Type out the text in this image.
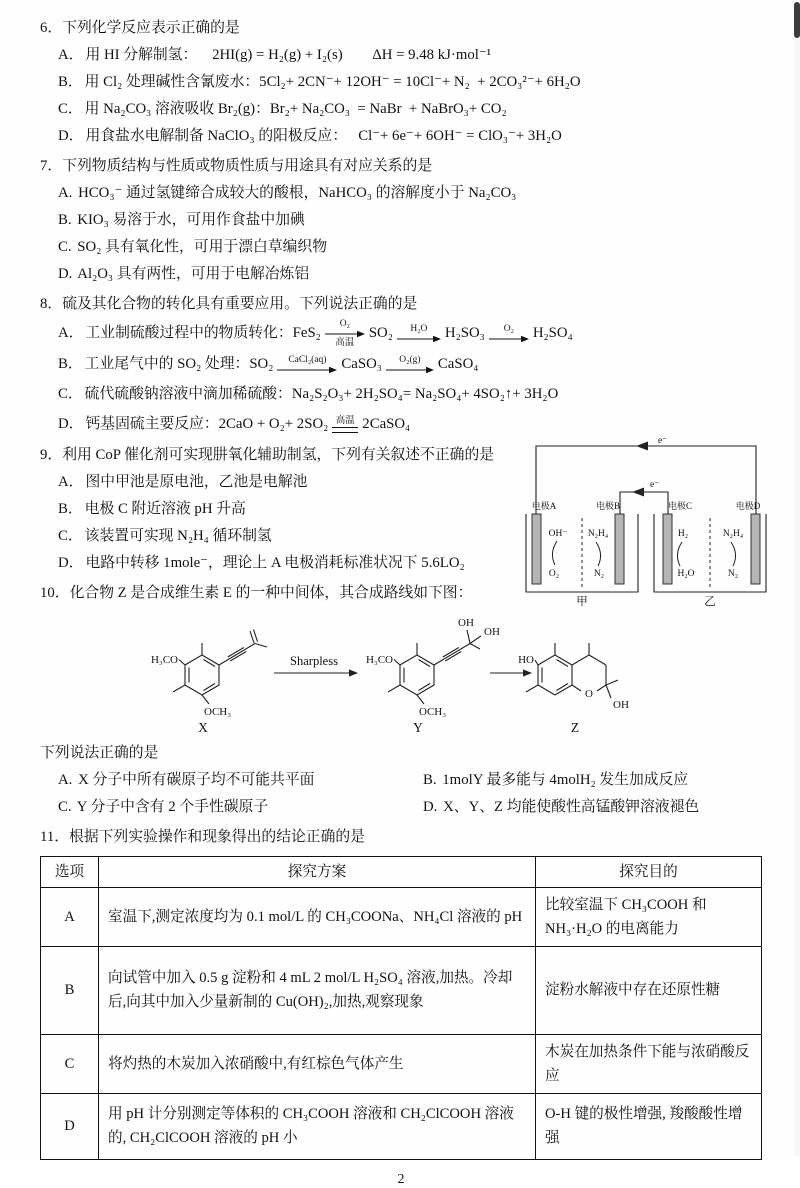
6．下列化学反应表示正确的是
A． 用 HI 分解制氢：    2HI(g) = H₂(g) + I₂(s)        ΔH = 9.48 kJ·mol⁻¹
B． 用 Cl₂ 处理碱性含氰废水：5Cl₂+ 2CN⁻+ 12OH⁻ = 10Cl⁻+ N₂  + 2CO₃²⁻+ 6H₂O
C． 用 Na₂CO₃ 溶液吸收 Br₂(g)：Br₂+ Na₂CO₃  = NaBr  + NaBrO₃+ CO₂
D． 用食盐水电解制备 NaClO₃ 的阳极反应：   Cl⁻+ 6e⁻+ 6OH⁻ = ClO₃⁻+ 3H₂O
7．下列物质结构与性质或物质性质与用途具有对应关系的是
A. HCO₃⁻ 通过氢键缔合成较大的酸根，NaHCO₃ 的溶解度小于 Na₂CO₃
B. KIO₃ 易溶于水，可用作食盐中加碘
C. SO₂ 具有氧化性，可用于漂白草编织物
D. Al₂O₃ 具有两性，可用于电解冶炼铝
8．硫及其化合物的转化具有重要应用。下列说法正确的是
A． 工业制硫酸过程中的物质转化：FeS₂
O₂
高温
SO₂ H₂O H₂SO₃ O₂ H₂SO₄
B． 工业尾气中的 SO₂ 处理：SO₂ CaCl₂(aq) CaSO₃ O₂(g) CaSO₄
C． 硫代硫酸钠溶液中滴加稀硫酸：Na₂S₂O₃+ 2H₂SO₄= Na₂SO₄+ 4SO₂↑+ 3H₂O
D． 钙基固硫主要反应：2CaO + O₂+ 2SO₂ 高温 2CaSO₄
9．利用 CoP 催化剂可实现肼氧化辅助制氢，下列有关叙述不正确的是
A． 图中甲池是原电池，乙池是电解池
B． 电极 C 附近溶液 pH 升高
C． 该装置可实现 N₂H₄ 循环制氢
D． 电路中转移 1mole⁻，理论上 A 电极消耗标准状况下 5.6LO₂
e⁻
e⁻
电极A	电极B	电极C	电极D
OH⁻
O₂
N₂H₄
N₂
H₂
H₂O
N₂H₄
N₂
甲	乙
10．化合物 Z 是合成维生素 E 的一种中间体，其合成路线如下图：
H₃CO
OCH₃
X
Sharpless	H₃CO
OCH₃
OH
OH
Y
O
HO
OH
Z
下列说法正确的是
A. X 分子中所有碳原子均不可能共平面	B. 1molY 最多能与 4molH₂ 发生加成反应
C. Y 分子中含有 2 个手性碳原子	D. X、Y、Z 均能使酸性高锰酸钾溶液褪色
11．根据下列实验操作和现象得出的结论正确的是
选项	探究方案	探究目的
A	室温下,测定浓度均为 0.1 mol/L 的 CH₃COONa、NH₄Cl 溶液的 pH	比较室温下 CH₃COOH 和 NH₃·H₂O 的电离能力
B	向试管中加入 0.5 g 淀粉和 4 mL 2 mol/L H₂SO₄ 溶液,加热。冷却后,向其中加入少量新制的 Cu(OH)₂,加热,观察现象	淀粉水解液中存在还原性糖
C	将灼热的木炭加入浓硝酸中,有红棕色气体产生	木炭在加热条件下能与浓硝酸反应
D	用 pH 计分别测定等体积的 CH₃COOH 溶液和 CH₂ClCOOH 溶液的, CH₂ClCOOH 溶液的 pH 小	O-H 键的极性增强, 羧酸酸性增强
2
